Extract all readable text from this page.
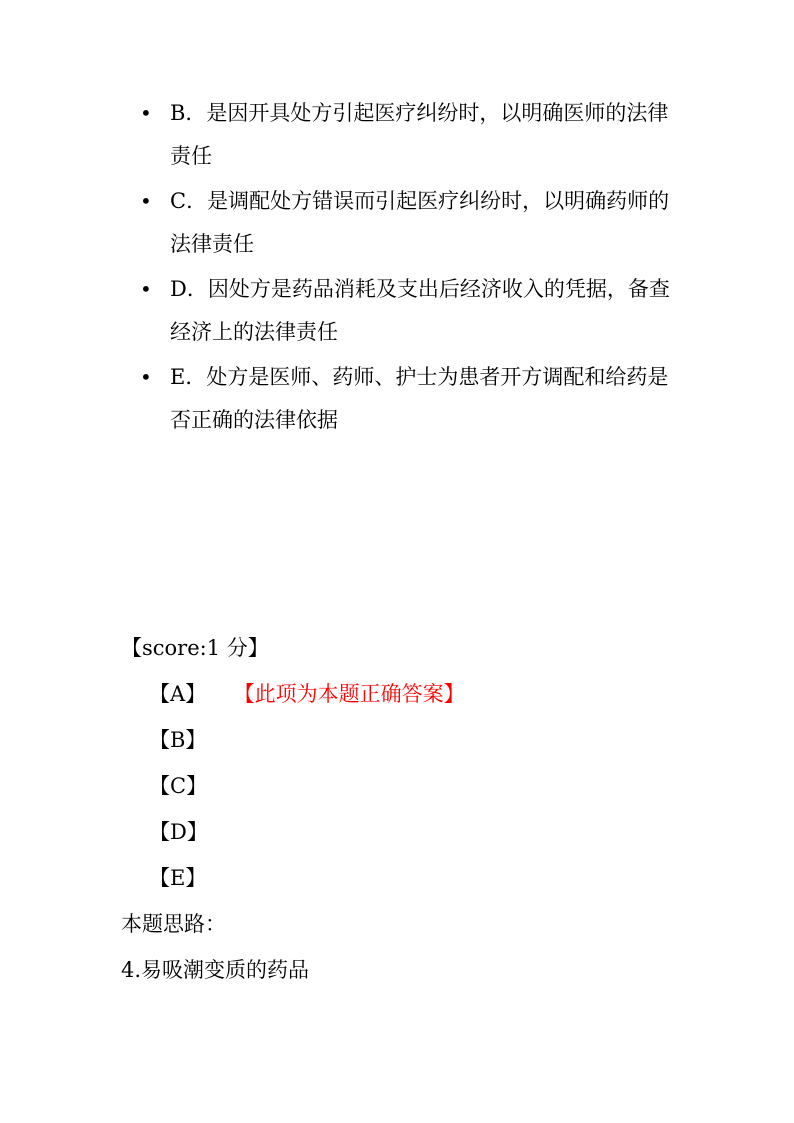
• B．是因开具处方引起医疗纠纷时，以明确医师的法律责任
• C．是调配处方错误而引起医疗纠纷时，以明确药师的法律责任
• D．因处方是药品消耗及支出后经济收入的凭据，备查经济上的法律责任
• E．处方是医师、药师、护士为患者开方调配和给药是否正确的法律依据
【score:1 分】
【A】 【此项为本题正确答案】
【B】
【C】
【D】
【E】
本题思路：
4.易吸潮变质的药品
